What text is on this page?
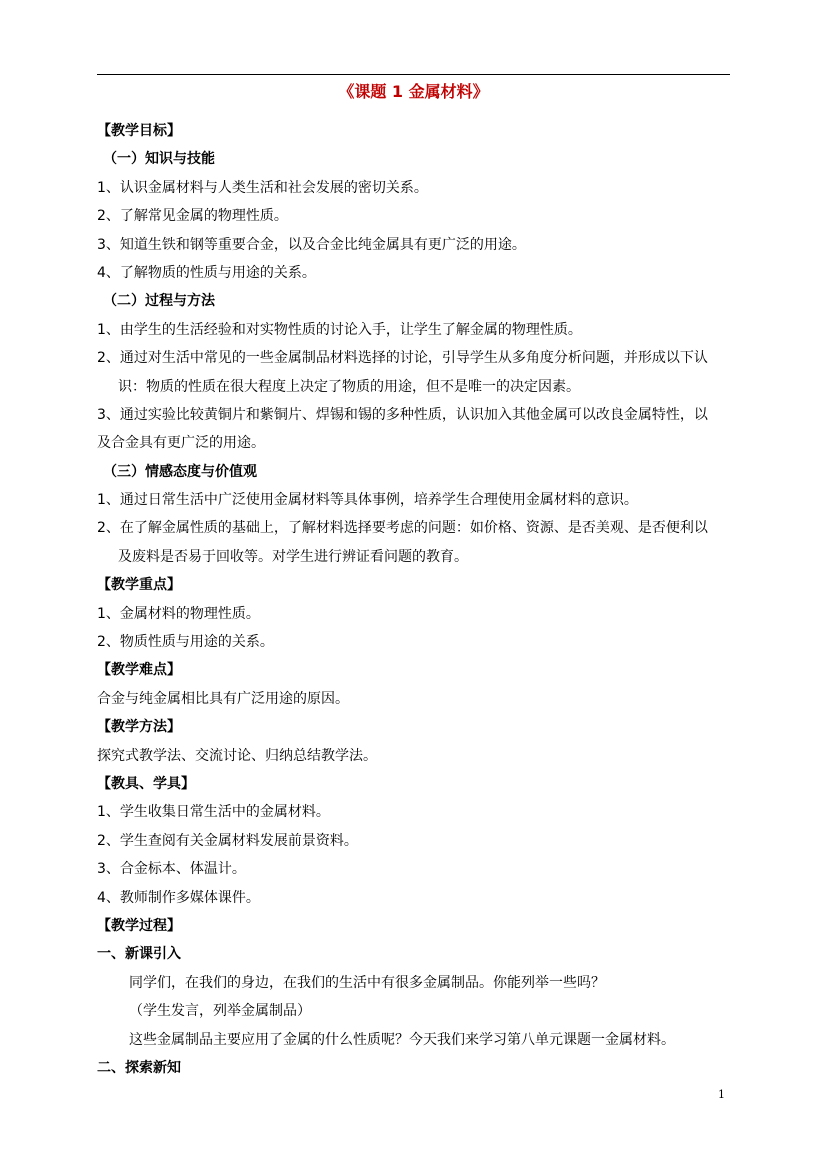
《课题 1 金属材料》
【教学目标】
（一）知识与技能
1、认识金属材料与人类生活和社会发展的密切关系。
2、了解常见金属的物理性质。
3、知道生铁和钢等重要合金，以及合金比纯金属具有更广泛的用途。
4、了解物质的性质与用途的关系。
（二）过程与方法
1、由学生的生活经验和对实物性质的讨论入手，让学生了解金属的物理性质。
2、通过对生活中常见的一些金属制品材料选择的讨论，引导学生从多角度分析问题，并形成以下认
识：物质的性质在很大程度上决定了物质的用途，但不是唯一的决定因素。
3、通过实验比较黄铜片和紫铜片、焊锡和锡的多种性质，认识加入其他金属可以改良金属特性，以
及合金具有更广泛的用途。
（三）情感态度与价值观
1、通过日常生活中广泛使用金属材料等具体事例，培养学生合理使用金属材料的意识。
2、在了解金属性质的基础上，了解材料选择要考虑的问题：如价格、资源、是否美观、是否便利以
及废料是否易于回收等。对学生进行辨证看问题的教育。
【教学重点】
1、金属材料的物理性质。
2、物质性质与用途的关系。
【教学难点】
合金与纯金属相比具有广泛用途的原因。
【教学方法】
探究式教学法、交流讨论、归纳总结教学法。
【教具、学具】
1、学生收集日常生活中的金属材料。
2、学生查阅有关金属材料发展前景资料。
3、合金标本、体温计。
4、教师制作多媒体课件。
【教学过程】
一、新课引入
同学们，在我们的身边，在我们的生活中有很多金属制品。你能列举一些吗？
（学生发言，列举金属制品）
这些金属制品主要应用了金属的什么性质呢？今天我们来学习第八单元课题一金属材料。
二、探索新知
1
